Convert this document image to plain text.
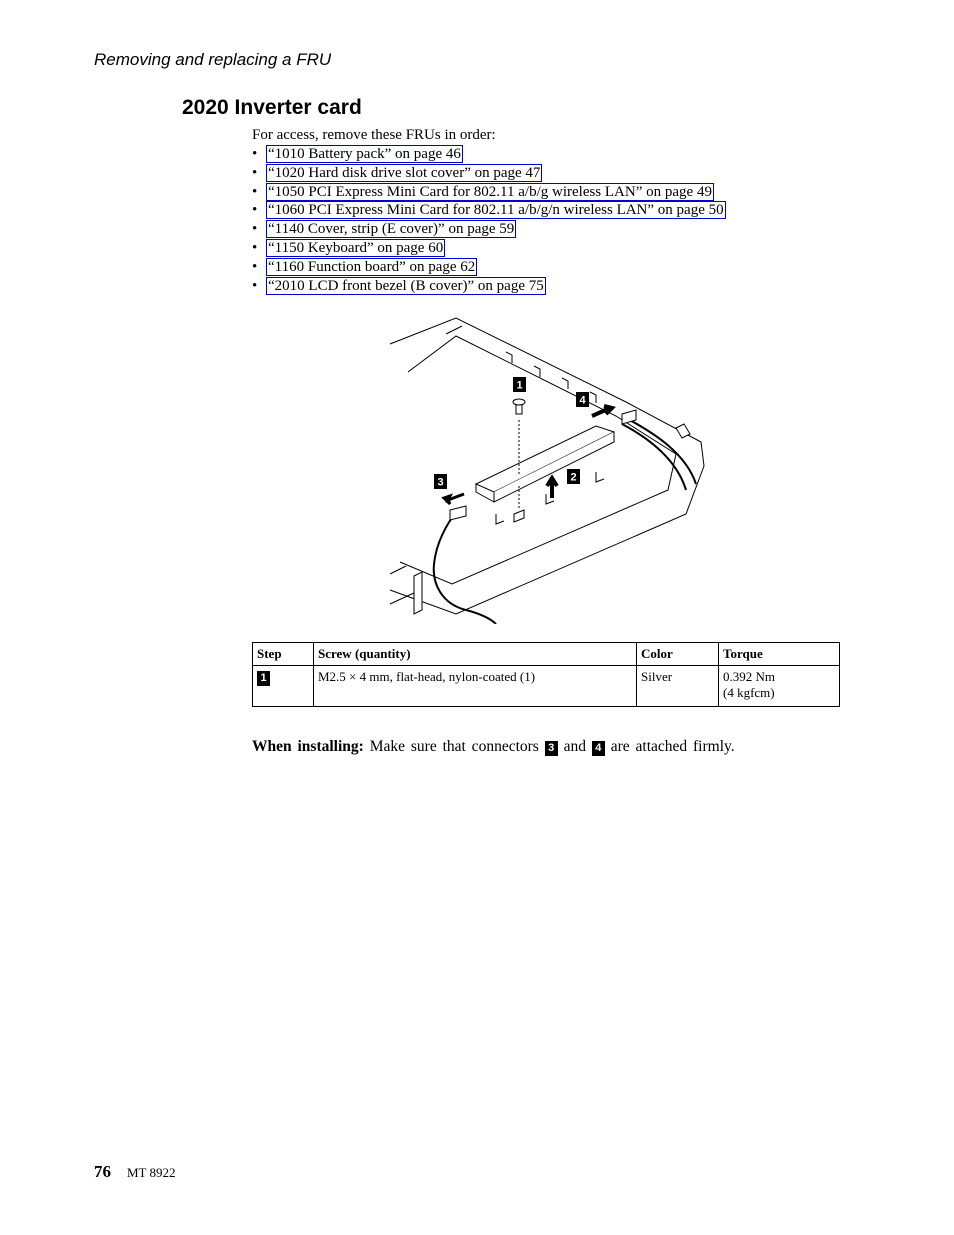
Removing and replacing a FRU
2020 Inverter card
For access, remove these FRUs in order:
• “1010 Battery pack” on page 46
• “1020 Hard disk drive slot cover” on page 47
• “1050 PCI Express Mini Card for 802.11 a/b/g wireless LAN” on page 49
• “1060 PCI Express Mini Card for 802.11 a/b/g/n wireless LAN” on page 50
• “1140 Cover, strip (E cover)” on page 59
• “1150 Keyboard” on page 60
• “1160 Function board” on page 62
• “2010 LCD front bezel (B cover)” on page 75
1
4
2
3
Step	Screw (quantity)	Color	Torque
1	M2.5 × 4 mm, flat-head, nylon-coated (1)	Silver	0.392 Nm
(4 kgfcm)
When installing: Make sure that connectors 3 and 4 are attached firmly.
76 MT 8922
